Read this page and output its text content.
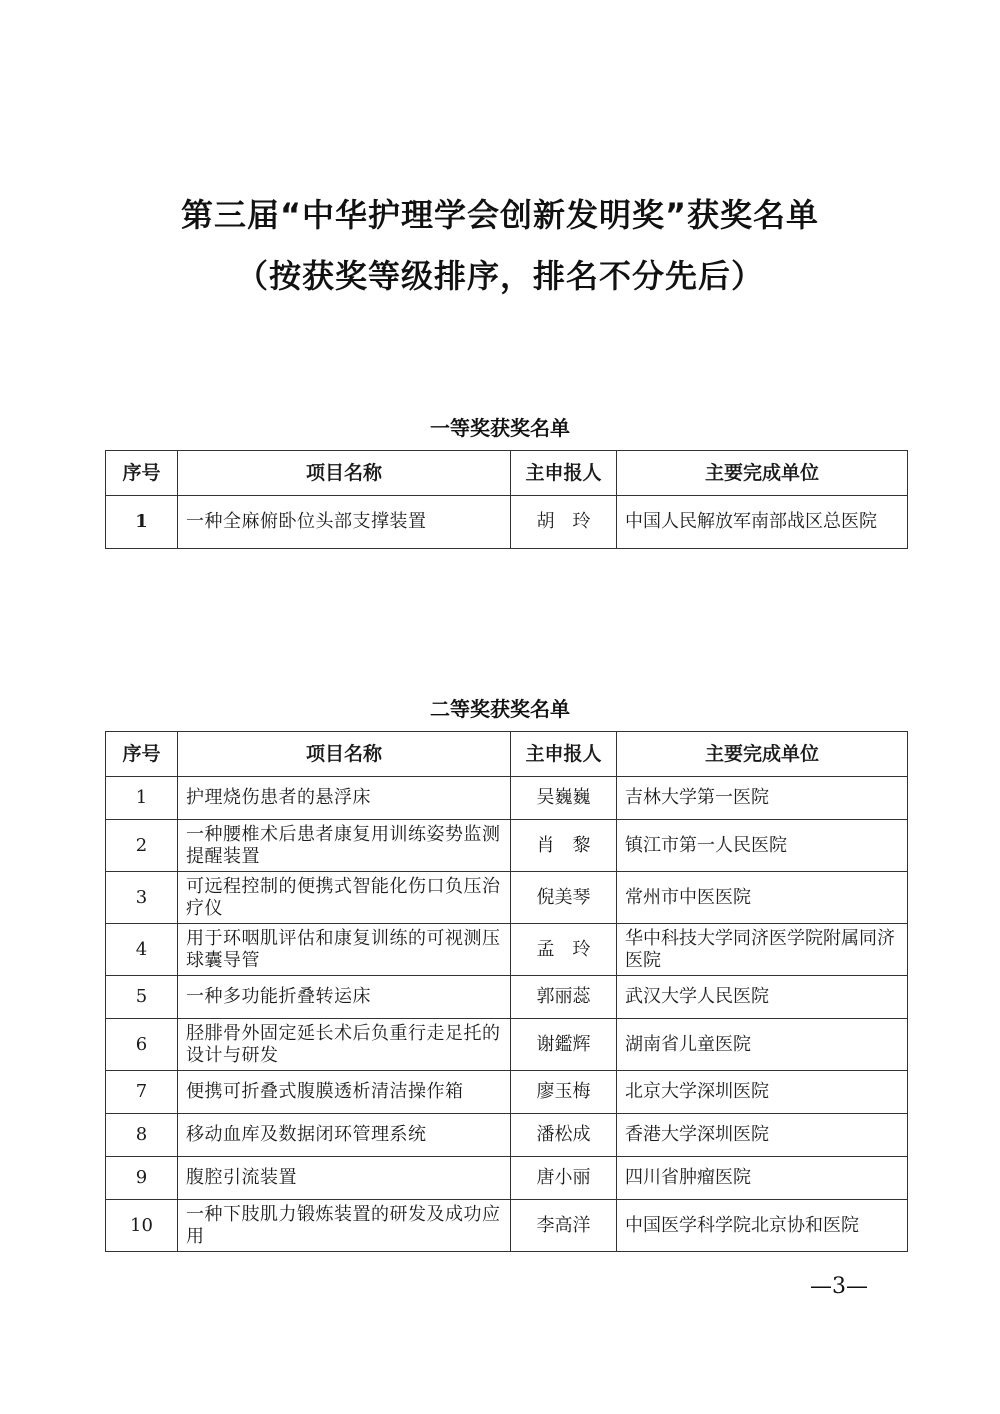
第三届“中华护理学会创新发明奖”获奖名单
（按获奖等级排序，排名不分先后）
一等奖获奖名单
序号	项目名称	主申报人	主要完成单位
1	一种全麻俯卧位头部支撑装置	胡　玲	中国人民解放军南部战区总医院
二等奖获奖名单
序号	项目名称	主申报人	主要完成单位
1	护理烧伤患者的悬浮床	吴巍巍	吉林大学第一医院
2	一种腰椎术后患者康复用训练姿势监测提醒装置	肖　黎	镇江市第一人民医院
3	可远程控制的便携式智能化伤口负压治疗仪	倪美琴	常州市中医医院
4	用于环咽肌评估和康复训练的可视测压球囊导管	孟　玲	华中科技大学同济医学院附属同济医院
5	一种多功能折叠转运床	郭丽蕊	武汉大学人民医院
6	胫腓骨外固定延长术后负重行走足托的设计与研发	谢鑑辉	湖南省儿童医院
7	便携可折叠式腹膜透析清洁操作箱	廖玉梅	北京大学深圳医院
8	移动血库及数据闭环管理系统	潘松成	香港大学深圳医院
9	腹腔引流装置	唐小丽	四川省肿瘤医院
10	一种下肢肌力锻炼装置的研发及成功应用	李高洋	中国医学科学院北京协和医院
—3—
